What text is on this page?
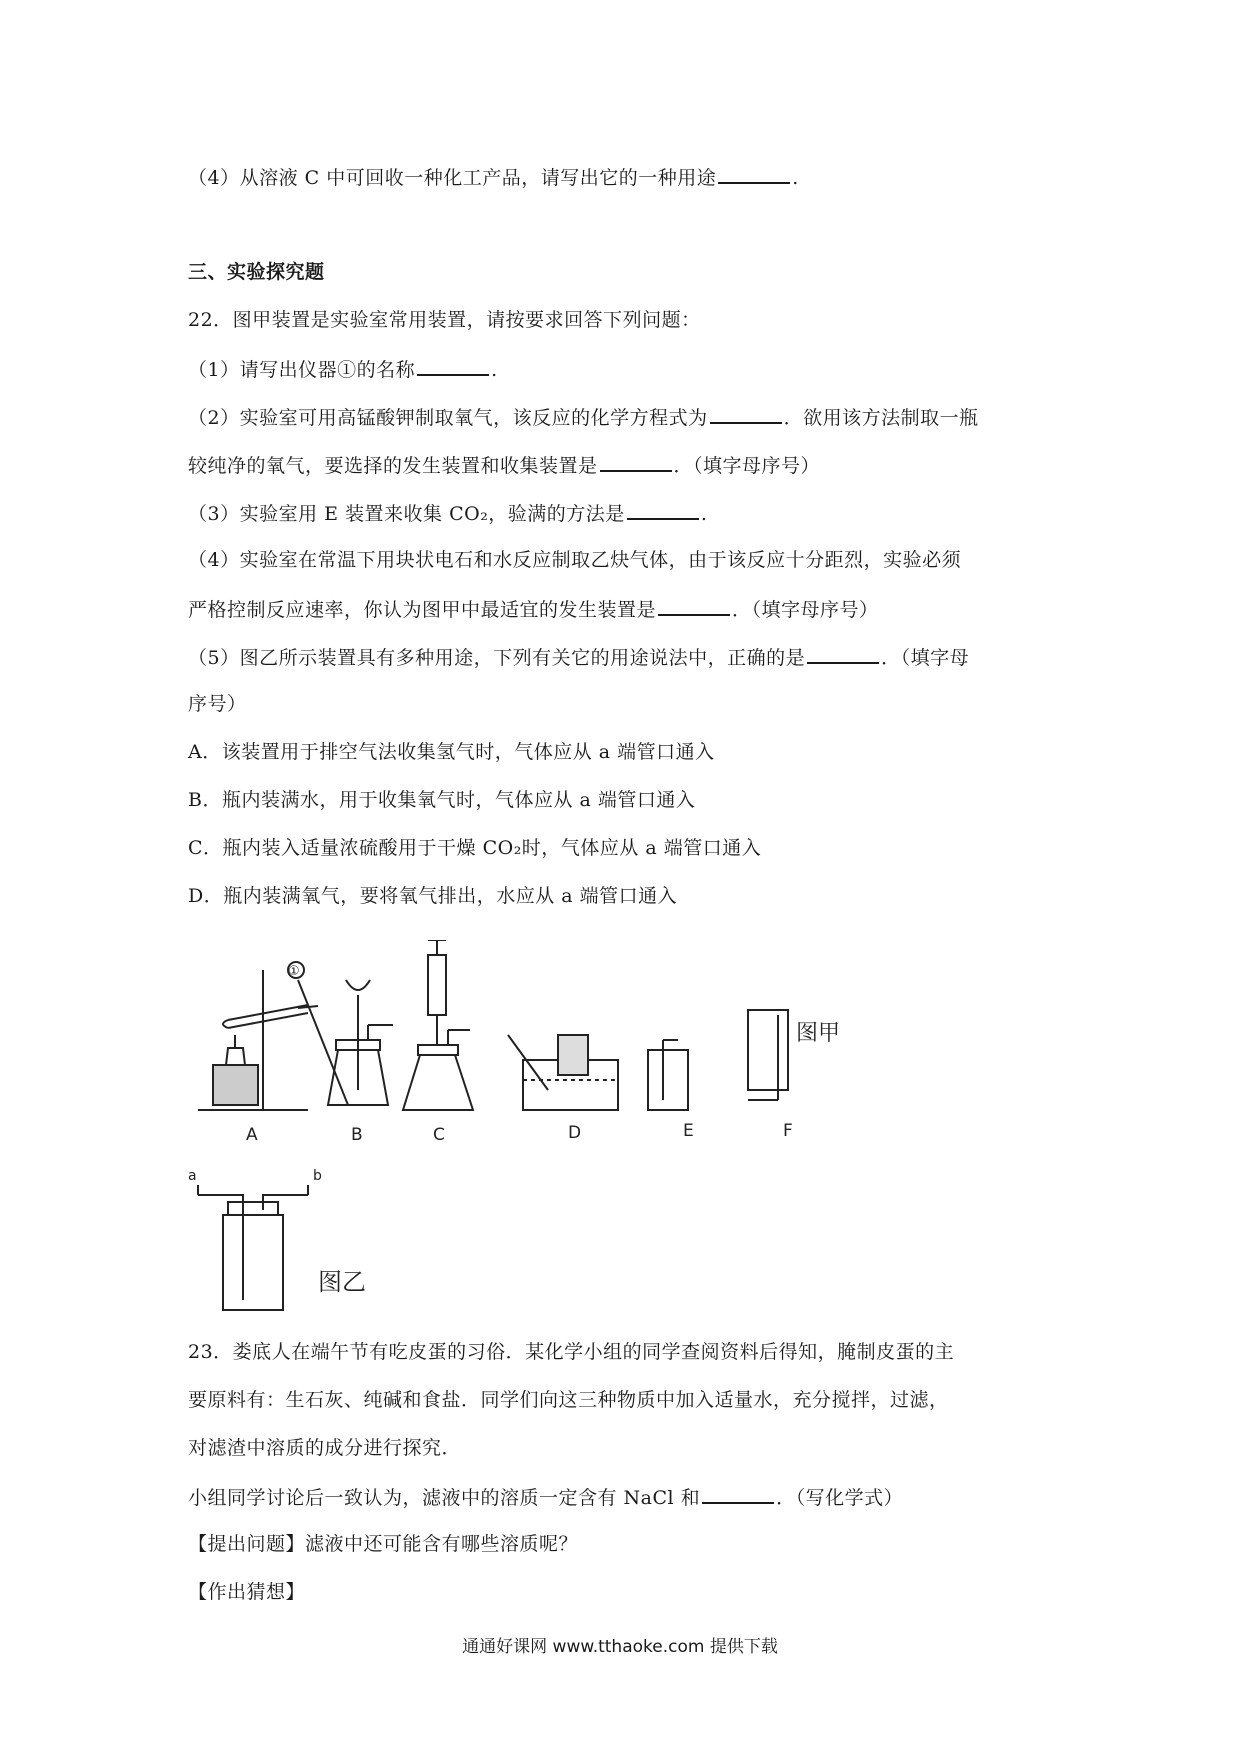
（4）从溶液 C 中可回收一种化工产品，请写出它的一种用途	.
三、实验探究题
22．图甲装置是实验室常用装置，请按要求回答下列问题：
（1）请写出仪器①的名称	.
（2）实验室可用高锰酸钾制取氧气，该反应的化学方程式为	．欲用该方法制取一瓶
较纯净的氧气，要选择的发生装置和收集装置是	．（填字母序号）
（3）实验室用 E 装置来收集 CO₂，验满的方法是	.
（4）实验室在常温下用块状电石和水反应制取乙炔气体，由于该反应十分距烈，实验必须
严格控制反应速率，你认为图甲中最适宜的发生装置是	．（填字母序号）
（5）图乙所示装置具有多种用途，下列有关它的用途说法中，正确的是	．（填字母
序号）
A．该装置用于排空气法收集氢气时，气体应从 a 端管口通入
B．瓶内装满水，用于收集氧气时，气体应从 a 端管口通入
C．瓶内装入适量浓硫酸用于干燥 CO₂时，气体应从 a 端管口通入
D．瓶内装满氧气，要将氧气排出，水应从 a 端管口通入
A	B	C	D	E	F
①
图甲
图乙
a	b
23．娄底人在端午节有吃皮蛋的习俗．某化学小组的同学查阅资料后得知，腌制皮蛋的主
要原料有：生石灰、纯碱和食盐．同学们向这三种物质中加入适量水，充分搅拌，过滤，
对滤渣中溶质的成分进行探究．
小组同学讨论后一致认为，滤液中的溶质一定含有 NaCl 和	．（写化学式）
【提出问题】滤液中还可能含有哪些溶质呢？
【作出猜想】
通通好课网 www.tthaoke.com 提供下载
